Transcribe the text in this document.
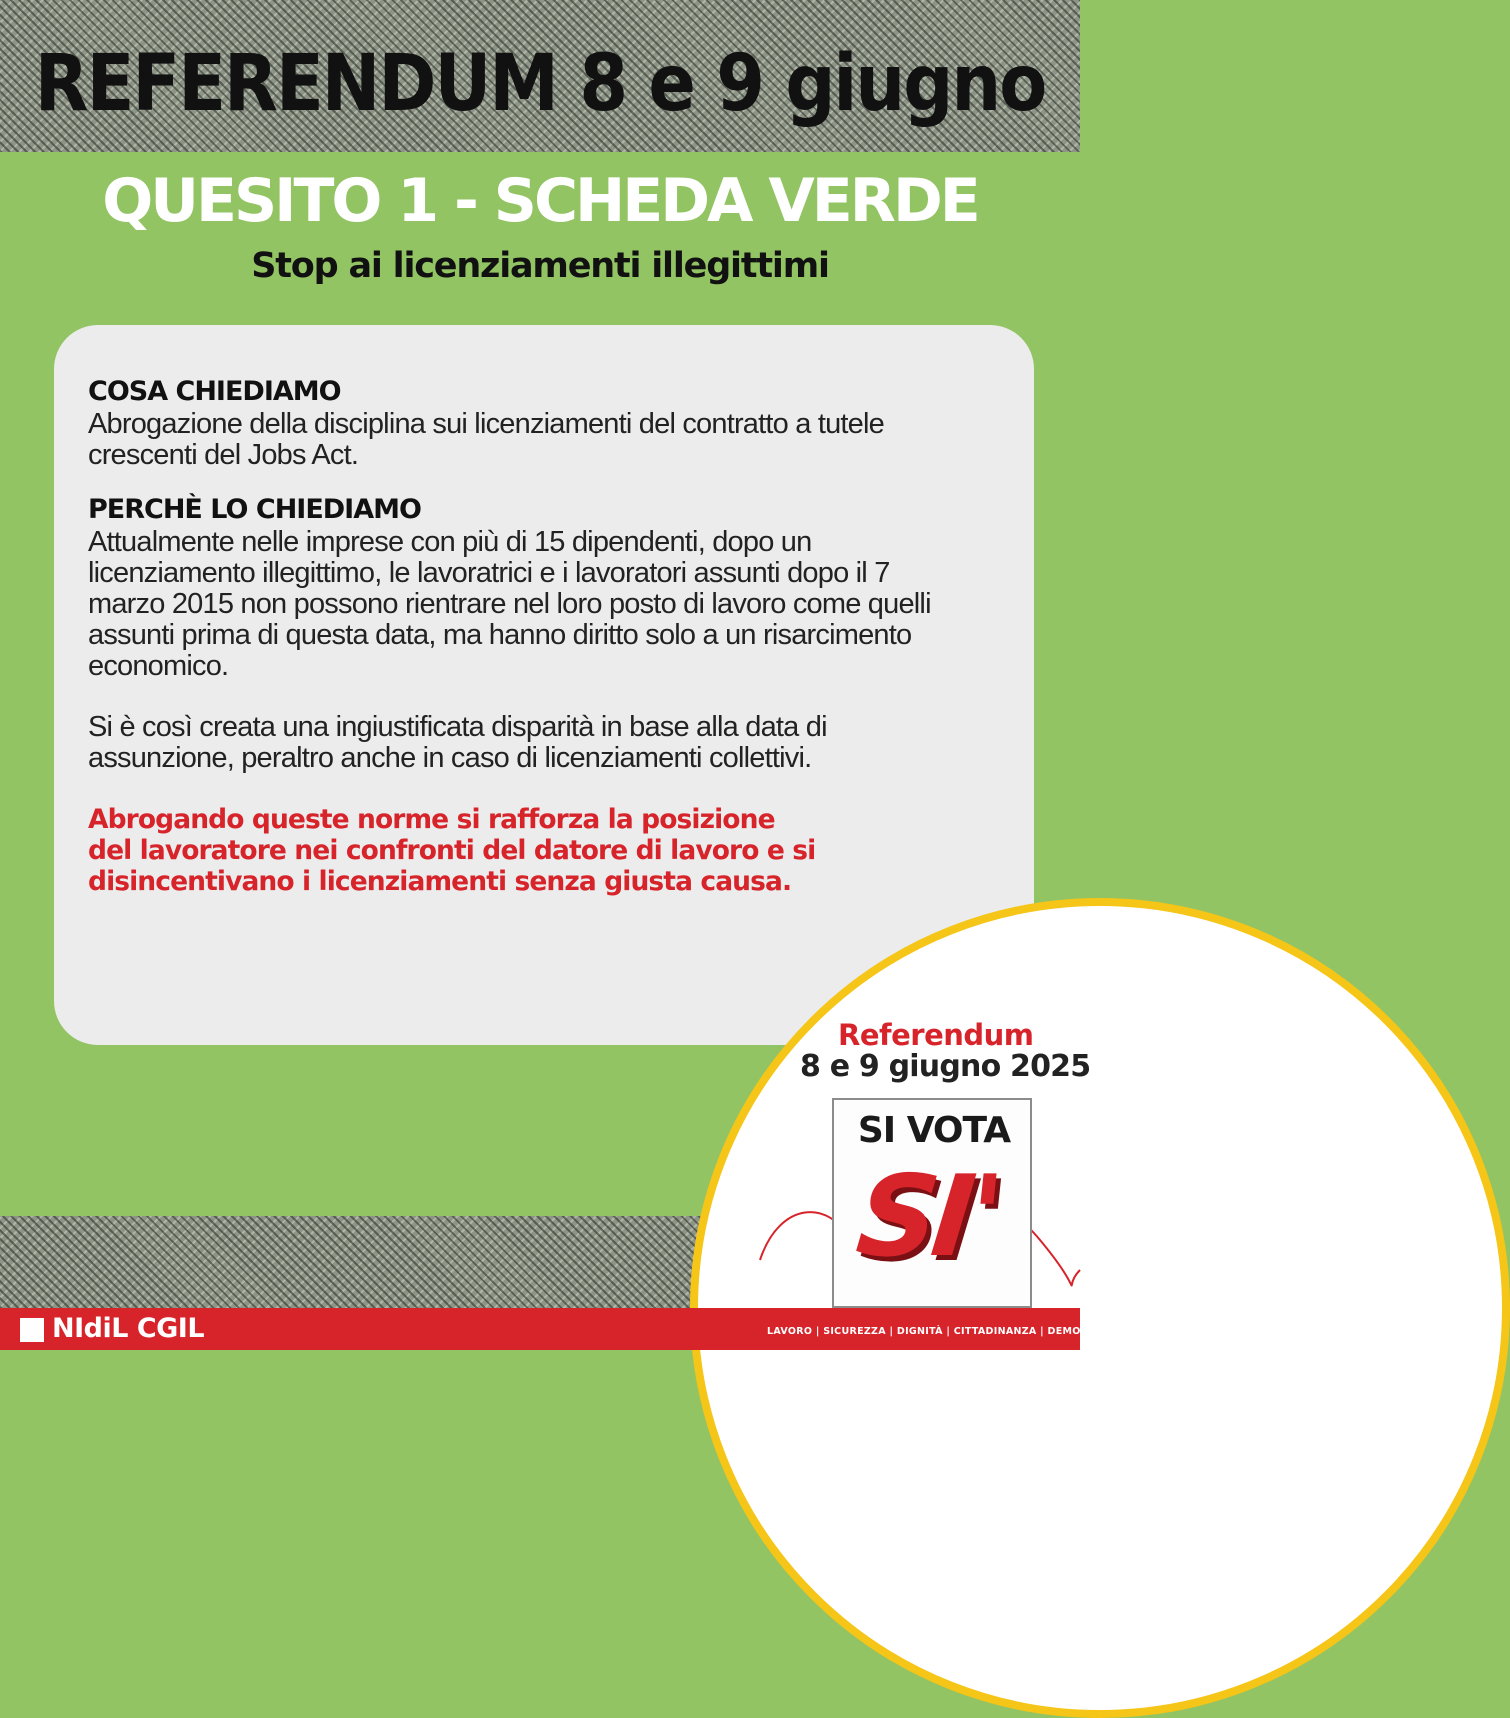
REFERENDUM 8 e 9 giugno
QUESITO 1 - SCHEDA VERDE
Stop ai licenziamenti illegittimi
COSA CHIEDIAMO
Abrogazione della disciplina sui licenziamenti del contratto a tutele
crescenti del Jobs Act.
PERCHÈ LO CHIEDIAMO
Attualmente nelle imprese con più di 15 dipendenti, dopo un
licenziamento illegittimo, le lavoratrici e i lavoratori assunti dopo il 7
marzo 2015 non possono rientrare nel loro posto di lavoro come quelli
assunti prima di questa data, ma hanno diritto solo a un risarcimento
economico.
Si è così creata una ingiustificata disparità in base alla data di
assunzione, peraltro anche in caso di licenziamenti collettivi.
Abrogando queste norme si rafforza la posizione
del lavoratore nei confronti del datore di lavoro e si
disincentivano i licenziamenti senza giusta causa.
Referendum
8 e 9 giugno 2025
SI VOTA
SI'
NIdiL CGIL	LAVORO | SICUREZZA | DIGNITÀ | CITTADINANZA | DEMOCRAZIA
